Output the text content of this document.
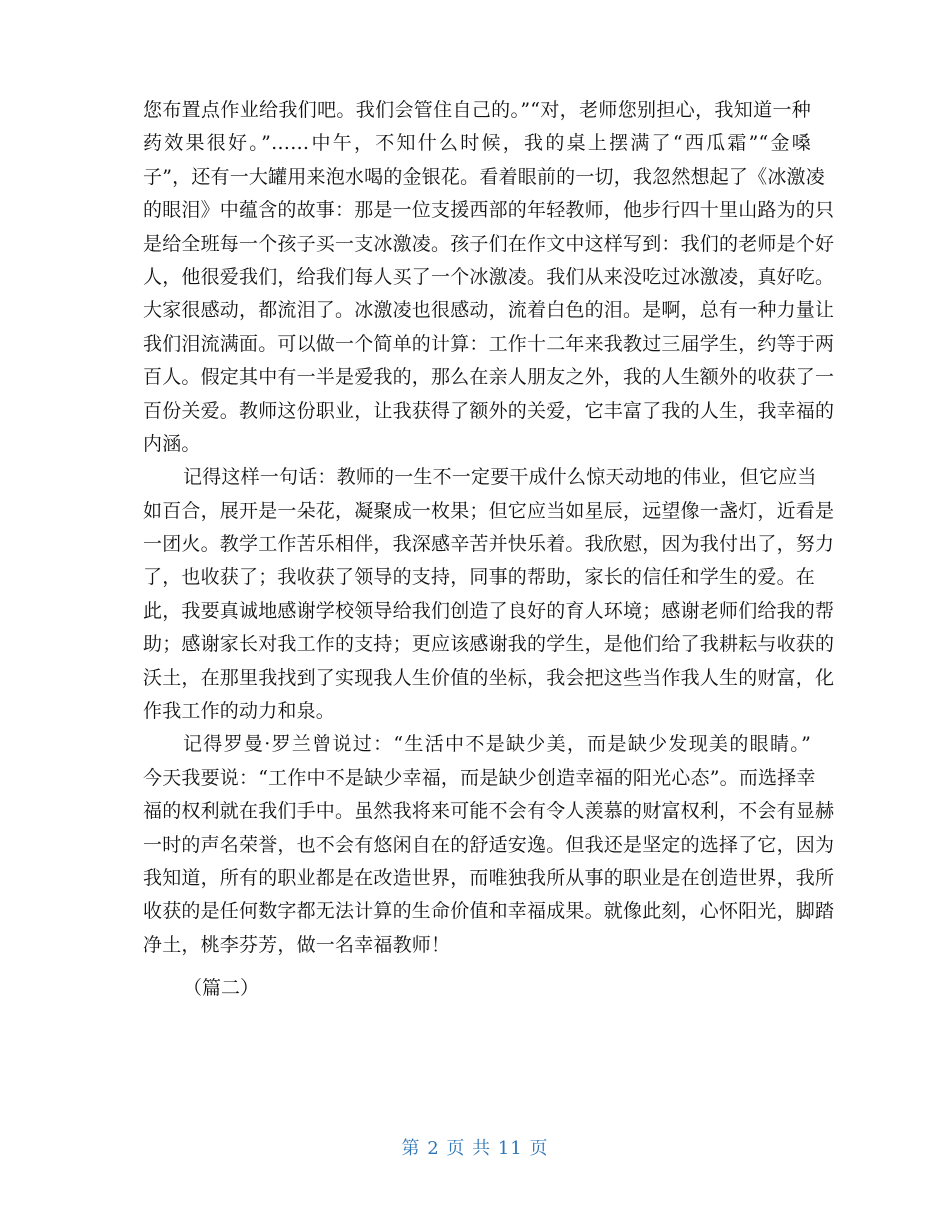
您布置点作业给我们吧。我们会管住自己的。”“对，老师您别担心，我知道一种
药效果很好。”……中午，不知什么时候，我的桌上摆满了“西瓜霜”“金嗓
子”，还有一大罐用来泡水喝的金银花。看着眼前的一切，我忽然想起了《冰激凌
的眼泪》中蕴含的故事：那是一位支援西部的年轻教师，他步行四十里山路为的只
是给全班每一个孩子买一支冰激凌。孩子们在作文中这样写到：我们的老师是个好
人，他很爱我们，给我们每人买了一个冰激凌。我们从来没吃过冰激凌，真好吃。
大家很感动，都流泪了。冰激凌也很感动，流着白色的泪。是啊，总有一种力量让
我们泪流满面。可以做一个简单的计算：工作十二年来我教过三届学生，约等于两
百人。假定其中有一半是爱我的，那么在亲人朋友之外，我的人生额外的收获了一
百份关爱。教师这份职业，让我获得了额外的关爱，它丰富了我的人生，我幸福的
内涵。
记得这样一句话：教师的一生不一定要干成什么惊天动地的伟业，但它应当
如百合，展开是一朵花，凝聚成一枚果；但它应当如星辰，远望像一盏灯，近看是
一团火。教学工作苦乐相伴，我深感辛苦并快乐着。我欣慰，因为我付出了，努力
了，也收获了；我收获了领导的支持，同事的帮助，家长的信任和学生的爱。在
此，我要真诚地感谢学校领导给我们创造了良好的育人环境；感谢老师们给我的帮
助；感谢家长对我工作的支持；更应该感谢我的学生，是他们给了我耕耘与收获的
沃土，在那里我找到了实现我人生价值的坐标，我会把这些当作我人生的财富，化
作我工作的动力和泉。
记得罗曼·罗兰曾说过：“生活中不是缺少美，而是缺少发现美的眼睛。”
今天我要说：“工作中不是缺少幸福，而是缺少创造幸福的阳光心态”。而选择幸
福的权利就在我们手中。虽然我将来可能不会有令人羡慕的财富权利，不会有显赫
一时的声名荣誉，也不会有悠闲自在的舒适安逸。但我还是坚定的选择了它，因为
我知道，所有的职业都是在改造世界，而唯独我所从事的职业是在创造世界，我所
收获的是任何数字都无法计算的生命价值和幸福成果。就像此刻，心怀阳光，脚踏
净土，桃李芬芳，做一名幸福教师！
（篇二）
第 2 页 共 11 页
